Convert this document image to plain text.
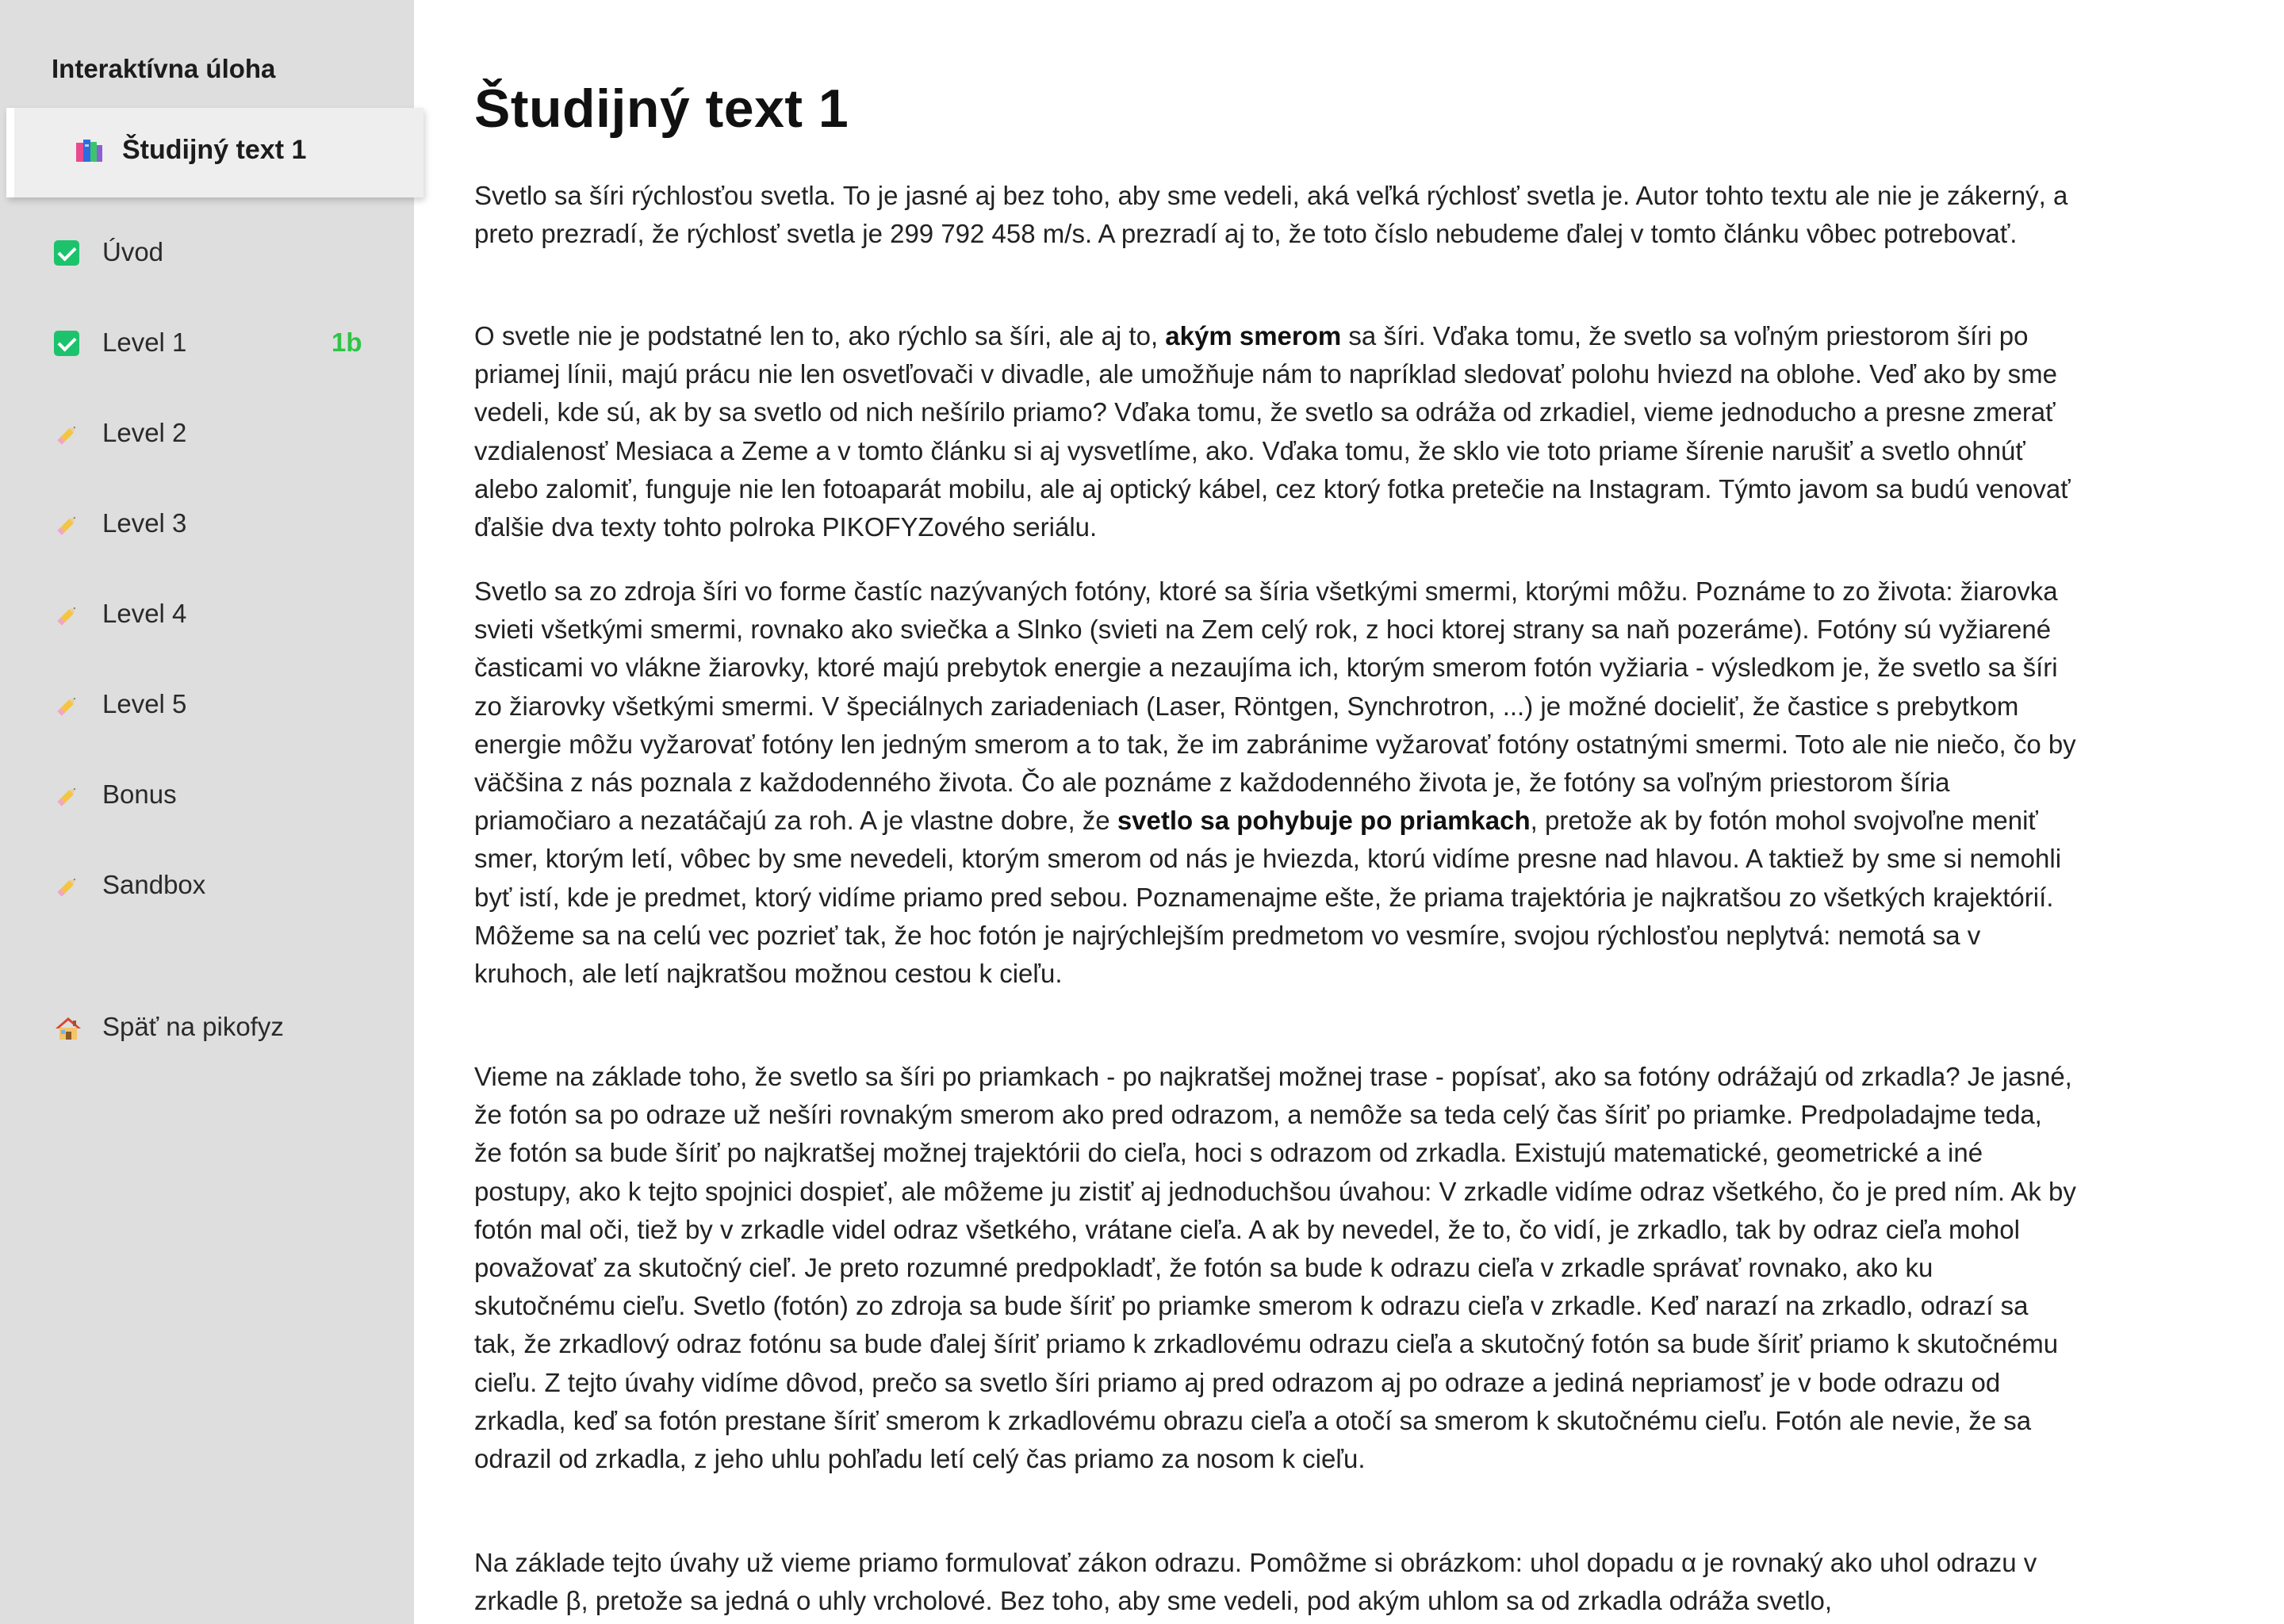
Interaktívna úloha
Študijný text 1
Úvod
Level 1	1b
Level 2
Level 3
Level 4
Level 5
Bonus
Sandbox
Späť na pikofyz
Študijný text 1

Svetlo sa šíri rýchlosťou svetla. To je jasné aj bez toho, aby sme vedeli, aká veľká rýchlosť svetla je. Autor tohto textu ale nie je zákerný, a preto prezradí, že rýchlosť svetla je 299 792 458 m/s. A prezradí aj to, že toto číslo nebudeme ďalej v tomto článku vôbec potrebovať.

O svetle nie je podstatné len to, ako rýchlo sa šíri, ale aj to, akým smerom sa šíri. Vďaka tomu, že svetlo sa voľným priestorom šíri po priamej línii, majú prácu nie len osvetľovači v divadle, ale umožňuje nám to napríklad sledovať polohu hviezd na oblohe. Veď ako by sme vedeli, kde sú, ak by sa svetlo od nich nešírilo priamo? Vďaka tomu, že svetlo sa odráža od zrkadiel, vieme jednoducho a presne zmerať vzdialenosť Mesiaca a Zeme a v tomto článku si aj vysvetlíme, ako. Vďaka tomu, že sklo vie toto priame šírenie narušiť a svetlo ohnúť alebo zalomiť, funguje nie len fotoaparát mobilu, ale aj optický kábel, cez ktorý fotka pretečie na Instagram. Týmto javom sa budú venovať ďalšie dva texty tohto polroka PIKOFYZového seriálu.

Svetlo sa zo zdroja šíri vo forme častíc nazývaných fotóny, ktoré sa šíria všetkými smermi, ktorými môžu. Poznáme to zo života: žiarovka svieti všetkými smermi, rovnako ako sviečka a Slnko (svieti na Zem celý rok, z hoci ktorej strany sa naň pozeráme). Fotóny sú vyžiarené časticami vo vlákne žiarovky, ktoré majú prebytok energie a nezaujíma ich, ktorým smerom fotón vyžiaria - výsledkom je, že svetlo sa šíri zo žiarovky všetkými smermi. V špeciálnych zariadeniach (Laser, Röntgen, Synchrotron, ...) je možné docieliť, že častice s prebytkom energie môžu vyžarovať fotóny len jedným smerom a to tak, že im zabránime vyžarovať fotóny ostatnými smermi. Toto ale nie niečo, čo by väčšina z nás poznala z každodenného života. Čo ale poznáme z každodenného života je, že fotóny sa voľným priestorom šíria priamočiaro a nezatáčajú za roh. A je vlastne dobre, že svetlo sa pohybuje po priamkach, pretože ak by fotón mohol svojvoľne meniť smer, ktorým letí, vôbec by sme nevedeli, ktorým smerom od nás je hviezda, ktorú vidíme presne nad hlavou. A taktiež by sme si nemohli byť istí, kde je predmet, ktorý vidíme priamo pred sebou. Poznamenajme ešte, že priama trajektória je najkratšou zo všetkých krajektórií. Môžeme sa na celú vec pozrieť tak, že hoc fotón je najrýchlejším predmetom vo vesmíre, svojou rýchlosťou neplytvá: nemotá sa v kruhoch, ale letí najkratšou možnou cestou k cieľu.

Vieme na základe toho, že svetlo sa šíri po priamkach - po najkratšej možnej trase - popísať, ako sa fotóny odrážajú od zrkadla? Je jasné, že fotón sa po odraze už nešíri rovnakým smerom ako pred odrazom, a nemôže sa teda celý čas šíriť po priamke. Predpoladajme teda, že fotón sa bude šíriť po najkratšej možnej trajektórii do cieľa, hoci s odrazom od zrkadla. Existujú matematické, geometrické a iné postupy, ako k tejto spojnici dospieť, ale môžeme ju zistiť aj jednoduchšou úvahou: V zrkadle vidíme odraz všetkého, čo je pred ním. Ak by fotón mal oči, tiež by v zrkadle videl odraz všetkého, vrátane cieľa. A ak by nevedel, že to, čo vidí, je zrkadlo, tak by odraz cieľa mohol považovať za skutočný cieľ. Je preto rozumné predpokladť, že fotón sa bude k odrazu cieľa v zrkadle správať rovnako, ako ku skutočnému cieľu. Svetlo (fotón) zo zdroja sa bude šíriť po priamke smerom k odrazu cieľa v zrkadle. Keď narazí na zrkadlo, odrazí sa tak, že zrkadlový odraz fotónu sa bude ďalej šíriť priamo k zrkadlovému odrazu cieľa a skutočný fotón sa bude šíriť priamo k skutočnému cieľu. Z tejto úvahy vidíme dôvod, prečo sa svetlo šíri priamo aj pred odrazom aj po odraze a jediná nepriamosť je v bode odrazu od zrkadla, keď sa fotón prestane šíriť smerom k zrkadlovému obrazu cieľa a otočí sa smerom k skutočnému cieľu. Fotón ale nevie, že sa odrazil od zrkadla, z jeho uhlu pohľadu letí celý čas priamo za nosom k cieľu.

Na základe tejto úvahy už vieme priamo formulovať zákon odrazu. Pomôžme si obrázkom: uhol dopadu α je rovnaký ako uhol odrazu v zrkadle β, pretože sa jedná o uhly vrcholové. Bez toho, aby sme vedeli, pod akým uhlom sa od zrkadla odráža svetlo,
